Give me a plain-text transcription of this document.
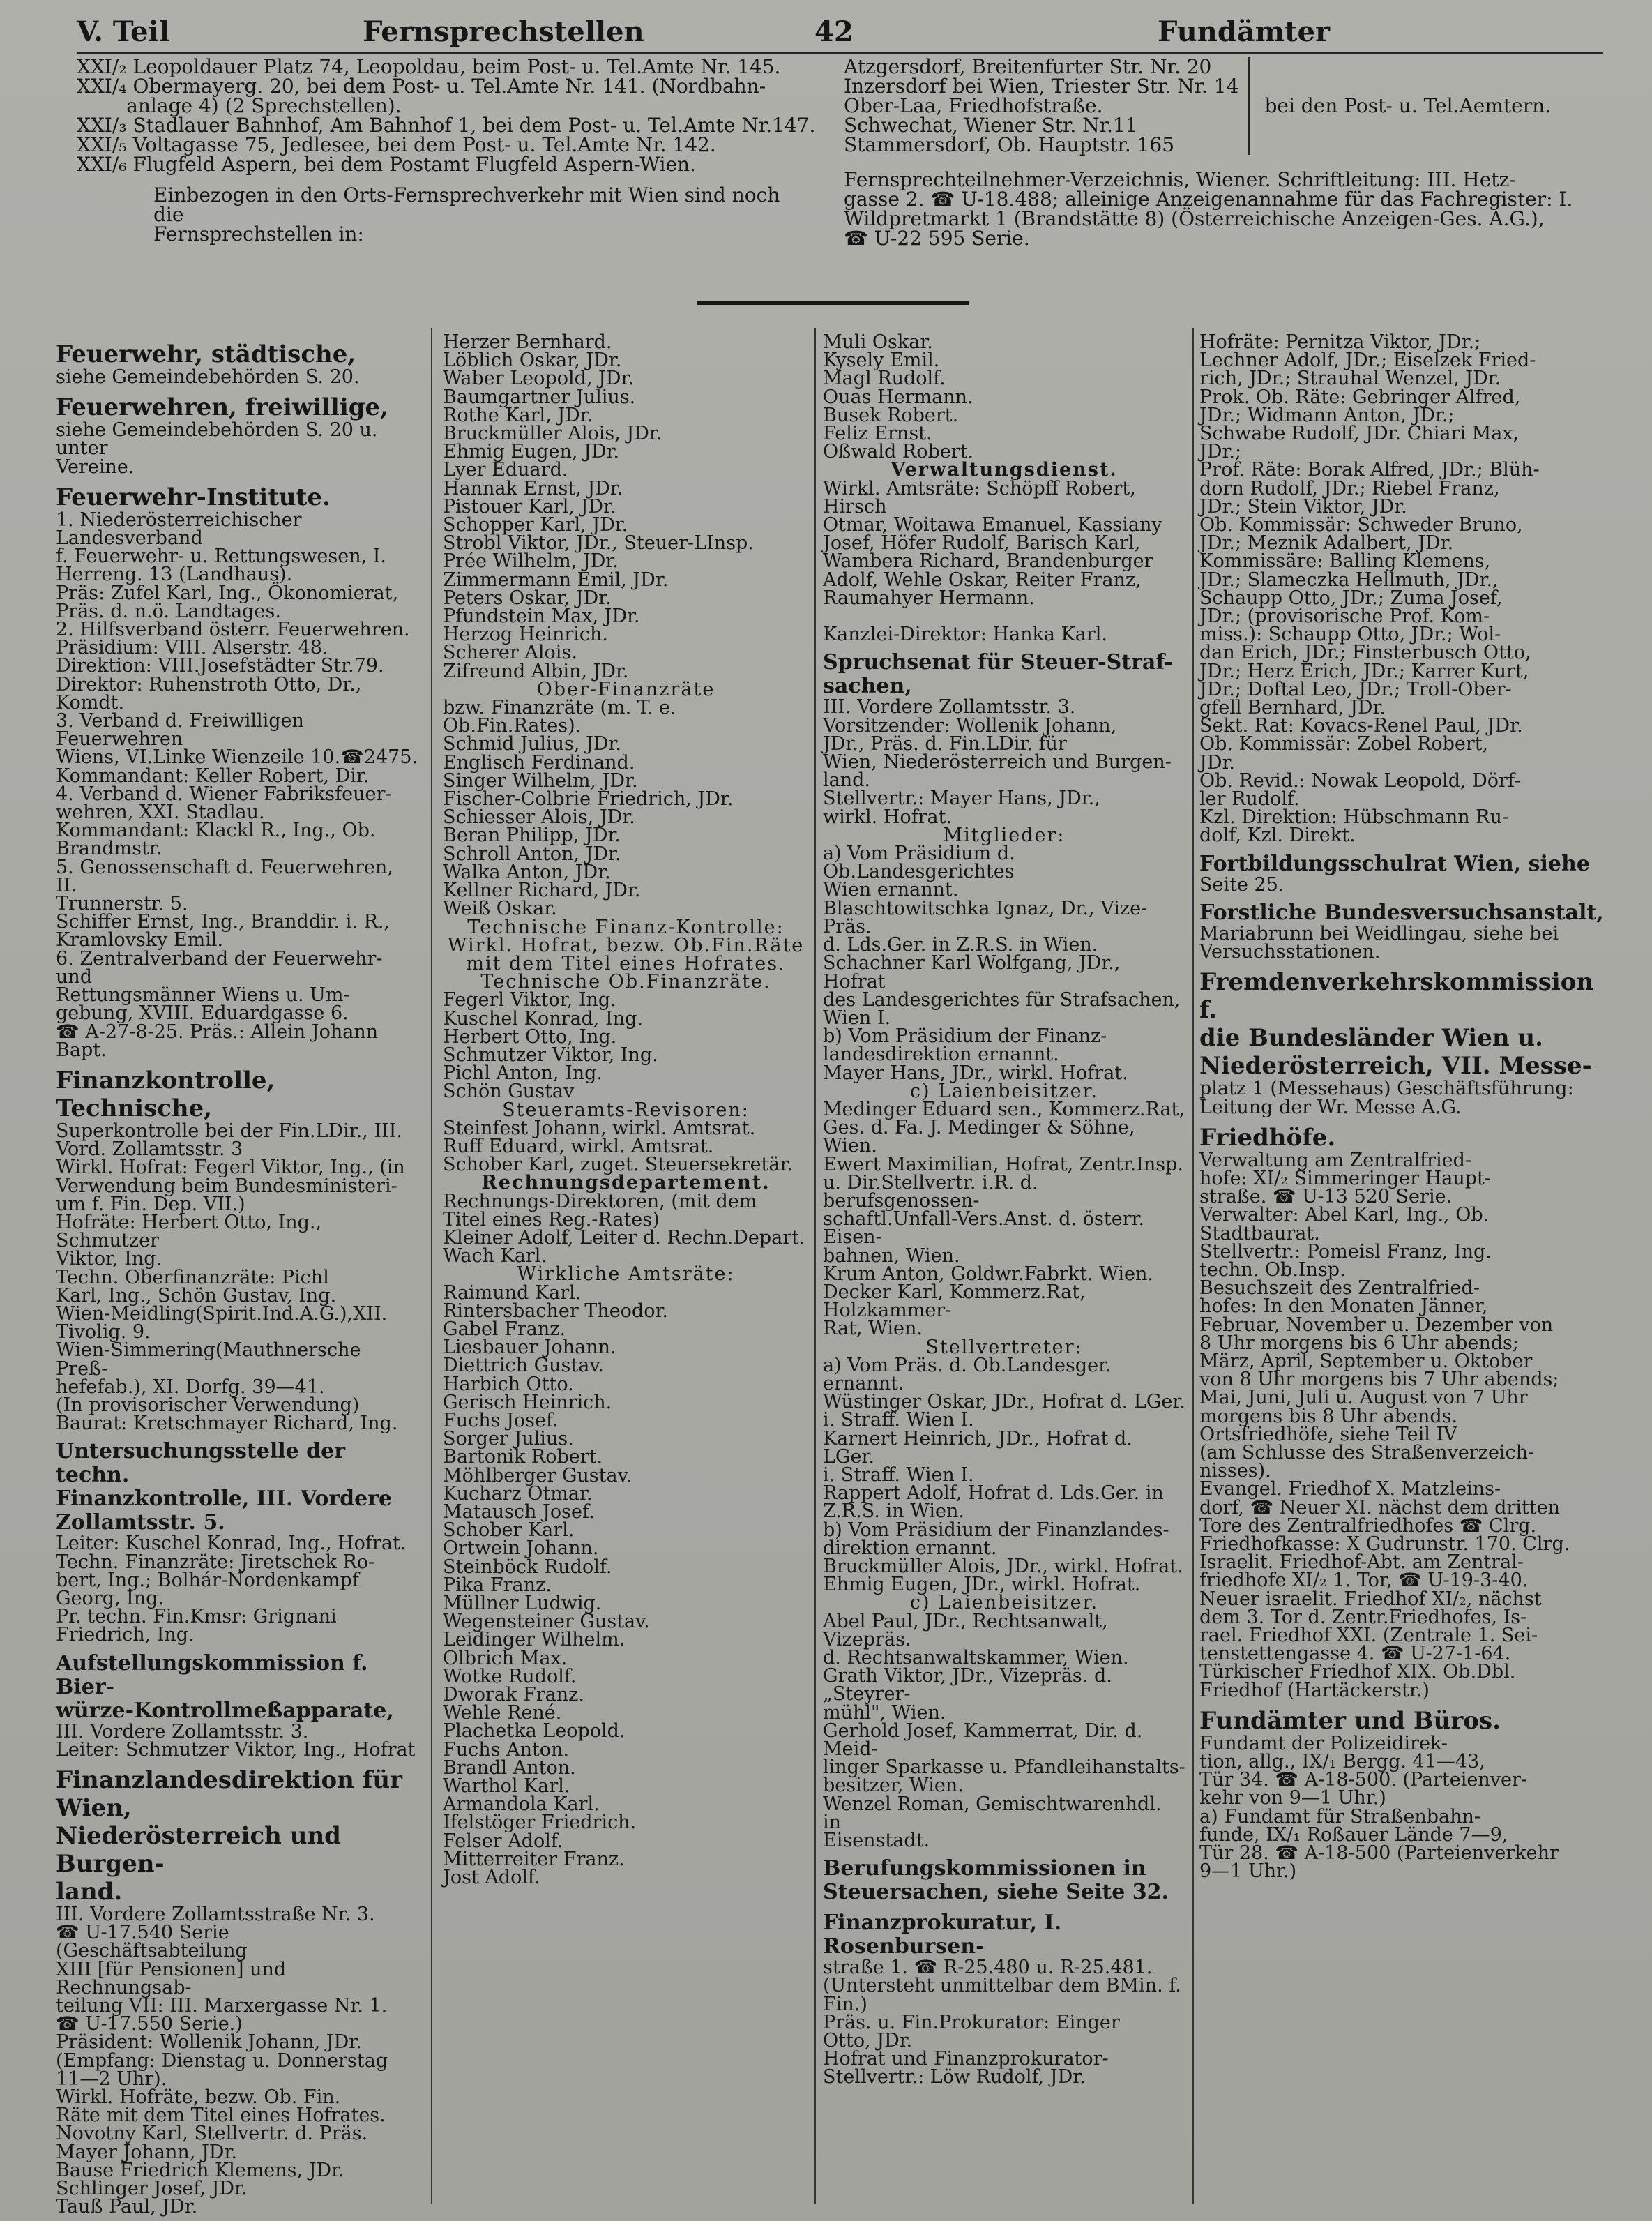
V. Teil	Fernsprechstellen	42	Fundämter
XXI/₂ Leopoldauer Platz 74, Leopoldau, beim Post- u. Tel.Amte Nr. 145.
XXI/₄ Obermayerg. 20, bei dem Post- u. Tel.Amte Nr. 141. (Nordbahn-
anlage 4) (2 Sprechstellen).
XXI/₃ Stadlauer Bahnhof, Am Bahnhof 1, bei dem Post- u. Tel.Amte Nr.147.
XXI/₅ Voltagasse 75, Jedlesee, bei dem Post- u. Tel.Amte Nr. 142.
XXI/₆ Flugfeld Aspern, bei dem Postamt Flugfeld Aspern-Wien.
Einbezogen in den Orts-Fernsprechverkehr mit Wien sind noch die
Fernsprechstellen in:
Atzgersdorf, Breitenfurter Str. Nr. 20
Inzersdorf bei Wien, Triester Str. Nr. 14
Ober-Laa, Friedhofstraße.
Schwechat, Wiener Str. Nr.11
Stammersdorf, Ob. Hauptstr. 165
bei den Post- u. Tel.Aemtern.
Fernsprechteilnehmer-Verzeichnis, Wiener. Schriftleitung: III. Hetz-
gasse 2. ☎ U-18.488; alleinige Anzeigenannahme für das Fachregister: I.
Wildpretmarkt 1 (Brandstätte 8) (Österreichische Anzeigen-Ges. A.G.),
☎ U-22 595 Serie.
Feuerwehr, städtische,
siehe Gemeindebehörden S. 20.
Feuerwehren, freiwillige,
siehe Gemeindebehörden S. 20 u. unter
Vereine.
Feuerwehr-Institute.
1. Niederösterreichischer Landesverband
f. Feuerwehr- u. Rettungswesen, I.
Herreng. 13 (Landhaus).
Präs: Zufel Karl, Ing., Ökonomierat,
Präs. d. n.ö. Landtages.
2. Hilfsverband österr. Feuerwehren.
Präsidium: VIII. Alserstr. 48.
Direktion: VIII.Josefstädter Str.79.
Direktor: Ruhenstroth Otto, Dr.,
Komdt.
3. Verband d. Freiwilligen Feuerwehren
Wiens, VI.Linke Wienzeile 10.☎2475.
Kommandant: Keller Robert, Dir.
4. Verband d. Wiener Fabriksfeuer-
wehren, XXI. Stadlau.
Kommandant: Klackl R., Ing., Ob.
Brandmstr.
5. Genossenschaft d. Feuerwehren, II.
Trunnerstr. 5.
Schiffer Ernst, Ing., Branddir. i. R.,
Kramlovsky Emil.
6. Zentralverband der Feuerwehr- und
Rettungsmänner Wiens u. Um-
gebung, XVIII. Eduardgasse 6.
☎ A-27-8-25. Präs.: Allein Johann
Bapt.
Finanzkontrolle, Technische,
Superkontrolle bei der Fin.LDir., III.
Vord. Zollamtsstr. 3
Wirkl. Hofrat: Fegerl Viktor, Ing., (in
Verwendung beim Bundesministeri-
um f. Fin. Dep. VII.)
Hofräte: Herbert Otto, Ing., Schmutzer
Viktor, Ing.
Techn. Oberfinanzräte: Pichl
Karl, Ing., Schön Gustav, Ing.
Wien-Meidling(Spirit.Ind.A.G.),XII.
Tivolig. 9.
Wien-Simmering(Mauthnersche Preß-
hefefab.), XI. Dorfg. 39—41.
(In provisorischer Verwendung)
Baurat: Kretschmayer Richard, Ing.
Untersuchungsstelle der techn.
Finanzkontrolle, III. Vordere
Zollamtsstr. 5.
Leiter: Kuschel Konrad, Ing., Hofrat.
Techn. Finanzräte: Jiretschek Ro-
bert, Ing.; Bolhár-Nordenkampf
Georg, Ing.
Pr. techn. Fin.Kmsr: Grignani
Friedrich, Ing.
Aufstellungskommission f. Bier-
würze-Kontrollmeßapparate,
III. Vordere Zollamtsstr. 3.
Leiter: Schmutzer Viktor, Ing., Hofrat
Finanzlandesdirektion für Wien,
Niederösterreich und Burgen-
land.
III. Vordere Zollamtsstraße Nr. 3.
☎ U-17.540 Serie (Geschäftsabteilung
XIII [für Pensionen] und Rechnungsab-
teilung VII: III. Marxergasse Nr. 1.
☎ U-17.550 Serie.)
Präsident: Wollenik Johann, JDr.
(Empfang: Dienstag u. Donnerstag
11—2 Uhr).
Wirkl. Hofräte, bezw. Ob. Fin.
Räte mit dem Titel eines Hofrates.
Novotny Karl, Stellvertr. d. Präs.
Mayer Johann, JDr.
Bause Friedrich Klemens, JDr.
Schlinger Josef, JDr.
Tauß Paul, JDr.
Herzer Bernhard.
Löblich Oskar, JDr.
Waber Leopold, JDr.
Baumgartner Julius.
Rothe Karl, JDr.
Bruckmüller Alois, JDr.
Ehmig Eugen, JDr.
Lyer Eduard.
Hannak Ernst, JDr.
Pistouer Karl, JDr.
Schopper Karl, JDr.
Strobl Viktor, JDr., Steuer-LInsp.
Prée Wilhelm, JDr.
Zimmermann Emil, JDr.
Peters Oskar, JDr.
Pfundstein Max, JDr.
Herzog Heinrich.
Scherer Alois.
Zifreund Albin, JDr.
Ober-Finanzräte
bzw. Finanzräte (m. T. e. Ob.Fin.Rates).
Schmid Julius, JDr.
Englisch Ferdinand.
Singer Wilhelm, JDr.
Fischer-Colbrie Friedrich, JDr.
Schiesser Alois, JDr.
Beran Philipp, JDr.
Schroll Anton, JDr.
Walka Anton, JDr.
Kellner Richard, JDr.
Weiß Oskar.
Technische Finanz-Kontrolle:
Wirkl. Hofrat, bezw. Ob.Fin.Räte
mit dem Titel eines Hofrates.
Technische Ob.Finanzräte.
Fegerl Viktor, Ing.
Kuschel Konrad, Ing.
Herbert Otto, Ing.
Schmutzer Viktor, Ing.
Pichl Anton, Ing.
Schön Gustav
Steueramts-Revisoren:
Steinfest Johann, wirkl. Amtsrat.
Ruff Eduard, wirkl. Amtsrat.
Schober Karl, zuget. Steuersekretär.
Rechnungsdepartement.
Rechnungs-Direktoren, (mit dem
Titel eines Reg.-Rates)
Kleiner Adolf, Leiter d. Rechn.Depart.
Wach Karl.
Wirkliche Amtsräte:
Raimund Karl.
Rintersbacher Theodor.
Gabel Franz.
Liesbauer Johann.
Diettrich Gustav.
Harbich Otto.
Gerisch Heinrich.
Fuchs Josef.
Sorger Julius.
Bartonik Robert.
Möhlberger Gustav.
Kucharz Otmar.
Matausch Josef.
Schober Karl.
Ortwein Johann.
Steinböck Rudolf.
Pika Franz.
Müllner Ludwig.
Wegensteiner Gustav.
Leidinger Wilhelm.
Olbrich Max.
Wotke Rudolf.
Dworak Franz.
Wehle René.
Plachetka Leopold.
Fuchs Anton.
Brandl Anton.
Warthol Karl.
Armandola Karl.
Ifelstöger Friedrich.
Felser Adolf.
Mitterreiter Franz.
Jost Adolf.
Muli Oskar.
Kysely Emil.
Magl Rudolf.
Ouas Hermann.
Busek Robert.
Feliz Ernst.
Oßwald Robert.
Verwaltungsdienst.
Wirkl. Amtsräte: Schöpff Robert, Hirsch
Otmar, Woitawa Emanuel, Kassiany
Josef, Höfer Rudolf, Barisch Karl,
Wambera Richard, Brandenburger
Adolf, Wehle Oskar, Reiter Franz,
Raumahyer Hermann.

Kanzlei-Direktor: Hanka Karl.
Spruchsenat für Steuer-Straf-
sachen,
III. Vordere Zollamtsstr. 3.
Vorsitzender: Wollenik Johann,
JDr., Präs. d. Fin.LDir. für
Wien, Niederösterreich und Burgen-
land.
Stellvertr.: Mayer Hans, JDr.,
wirkl. Hofrat.
Mitglieder:
a) Vom Präsidium d. Ob.Landesgerichtes
Wien ernannt.
Blaschtowitschka Ignaz, Dr., Vize-Präs.
d. Lds.Ger. in Z.R.S. in Wien.
Schachner Karl Wolfgang, JDr., Hofrat
des Landesgerichtes für Strafsachen,
Wien I.
b) Vom Präsidium der Finanz-
landesdirektion ernannt.
Mayer Hans, JDr., wirkl. Hofrat.
c) Laienbeisitzer.
Medinger Eduard sen., Kommerz.Rat,
Ges. d. Fa. J. Medinger & Söhne,
Wien.
Ewert Maximilian, Hofrat, Zentr.Insp.
u. Dir.Stellvertr. i.R. d. berufsgenossen-
schaftl.Unfall-Vers.Anst. d. österr. Eisen-
bahnen, Wien.
Krum Anton, Goldwr.Fabrkt. Wien.
Decker Karl, Kommerz.Rat, Holzkammer-
Rat, Wien.
Stellvertreter:
a) Vom Präs. d. Ob.Landesger. ernannt.
Wüstinger Oskar, JDr., Hofrat d. LGer.
i. Straff. Wien I.
Karnert Heinrich, JDr., Hofrat d. LGer.
i. Straff. Wien I.
Rappert Adolf, Hofrat d. Lds.Ger. in
Z.R.S. in Wien.
b) Vom Präsidium der Finanzlandes-
direktion ernannt.
Bruckmüller Alois, JDr., wirkl. Hofrat.
Ehmig Eugen, JDr., wirkl. Hofrat.
c) Laienbeisitzer.
Abel Paul, JDr., Rechtsanwalt, Vizepräs.
d. Rechtsanwaltskammer, Wien.
Grath Viktor, JDr., Vizepräs. d. „Steyrer-
mühl", Wien.
Gerhold Josef, Kammerrat, Dir. d. Meid-
linger Sparkasse u. Pfandleihanstalts-
besitzer, Wien.
Wenzel Roman, Gemischtwarenhdl. in
Eisenstadt.
Berufungskommissionen in
Steuersachen, siehe Seite 32.
Finanzprokuratur, I. Rosenbursen-
straße 1. ☎ R-25.480 u. R-25.481.
(Untersteht unmittelbar dem BMin. f.
Fin.)
Präs. u. Fin.Prokurator: Einger
Otto, JDr.
Hofrat und Finanzprokurator-
Stellvertr.: Löw Rudolf, JDr.
Hofräte: Pernitza Viktor, JDr.;
Lechner Adolf, JDr.; Eiselzek Fried-
rich, JDr.; Strauhal Wenzel, JDr.
Prok. Ob. Räte: Gebringer Alfred,
JDr.; Widmann Anton, JDr.;
Schwabe Rudolf, JDr. Chiari Max,
JDr.;
Prof. Räte: Borak Alfred, JDr.; Blüh-
dorn Rudolf, JDr.; Riebel Franz,
JDr.; Stein Viktor, JDr.
Ob. Kommissär: Schweder Bruno,
JDr.; Meznik Adalbert, JDr.
Kommissäre: Balling Klemens,
JDr.; Slameczka Hellmuth, JDr.,
Schaupp Otto, JDr.; Zuma Josef,
JDr.; (provisorische Prof. Kom-
miss.): Schaupp Otto, JDr.; Wol-
dan Erich, JDr.; Finsterbusch Otto,
JDr.; Herz Erich, JDr.; Karrer Kurt,
JDr.; Doftal Leo, JDr.; Troll-Ober-
gfell Bernhard, JDr.
Sekt. Rat: Kovacs-Renel Paul, JDr.
Ob. Kommissär: Zobel Robert,
JDr.
Ob. Revid.: Nowak Leopold, Dörf-
ler Rudolf.
Kzl. Direktion: Hübschmann Ru-
dolf, Kzl. Direkt.
Fortbildungsschulrat Wien, siehe
Seite 25.
Forstliche Bundesversuchsanstalt,
Mariabrunn bei Weidlingau, siehe bei
Versuchsstationen.
Fremdenverkehrskommission f.
die Bundesländer Wien u.
Niederösterreich, VII. Messe-
platz 1 (Messehaus) Geschäftsführung:
Leitung der Wr. Messe A.G.
Friedhöfe.
Verwaltung am Zentralfried-
hofe: XI/₂ Simmeringer Haupt-
straße. ☎ U-13 520 Serie.
Verwalter: Abel Karl, Ing., Ob.
Stadtbaurat.
Stellvertr.: Pomeisl Franz, Ing.
techn. Ob.Insp.
Besuchszeit des Zentralfried-
hofes: In den Monaten Jänner,
Februar, November u. Dezember von
8 Uhr morgens bis 6 Uhr abends;
März, April, September u. Oktober
von 8 Uhr morgens bis 7 Uhr abends;
Mai, Juni, Juli u. August von 7 Uhr
morgens bis 8 Uhr abends.
Ortsfriedhöfe, siehe Teil IV
(am Schlusse des Straßenverzeich-
nisses).
Evangel. Friedhof X. Matzleins-
dorf, ☎ Neuer XI. nächst dem dritten
Tore des Zentralfriedhofes ☎ Clrg.
Friedhofkasse: X Gudrunstr. 170. Clrg.
Israelit. Friedhof-Abt. am Zentral-
friedhofe XI/₂ 1. Tor, ☎ U-19-3-40.
Neuer israelit. Friedhof XI/₂, nächst
dem 3. Tor d. Zentr.Friedhofes, Is-
rael. Friedhof XXI. (Zentrale 1. Sei-
tenstettengasse 4. ☎ U-27-1-64.
Türkischer Friedhof XIX. Ob.Dbl.
Friedhof (Hartäckerstr.)
Fundämter und Büros.
Fundamt der Polizeidirek-
tion, allg., IX/₁ Bergg. 41—43,
Tür 34. ☎ A-18-500. (Parteienver-
kehr von 9—1 Uhr.)
a) Fundamt für Straßenbahn-
funde, IX/₁ Roßauer Lände 7—9,
Tür 28. ☎ A-18-500 (Parteienverkehr
9—1 Uhr.)
